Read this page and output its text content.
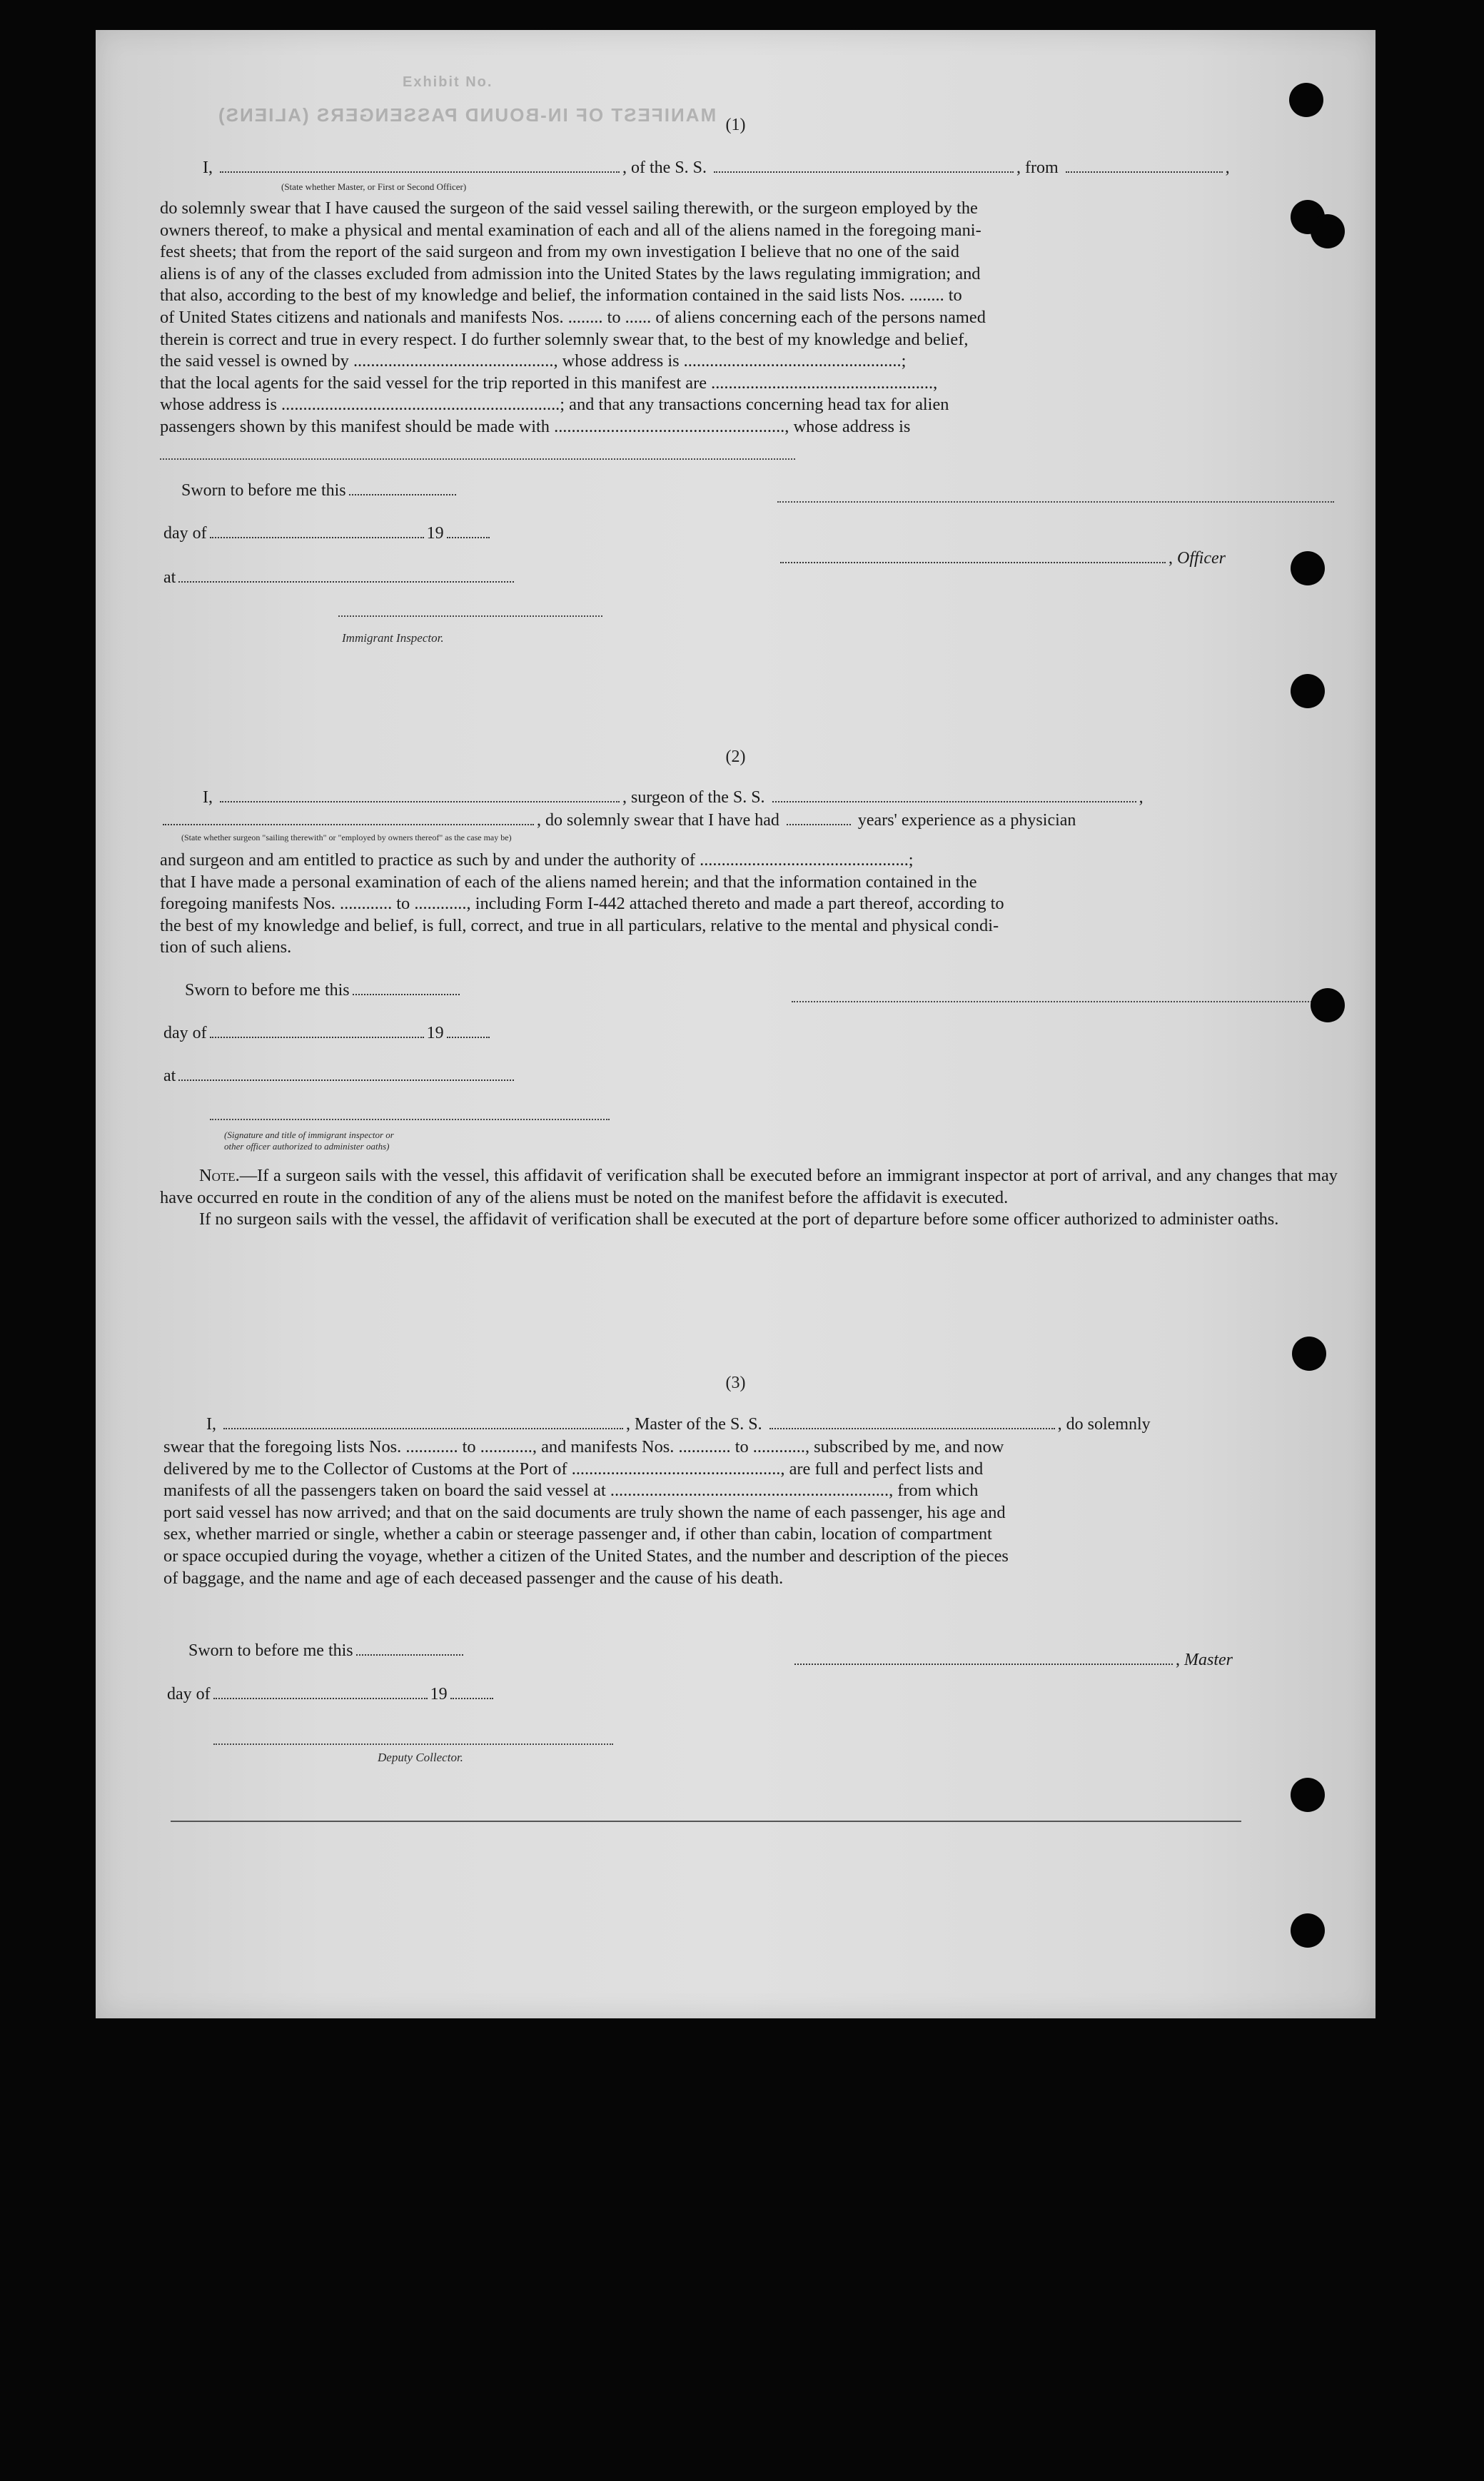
Exhibit No.
MANIFEST OF IN-BOUND PASSENGERS (ALIENS) (1)
I,	, of the S. S.	, from	,
(State whether Master, or First or Second Officer)

do solemnly swear that I have caused the surgeon of the said vessel sailing therewith, or the surgeon employed by the

owners thereof, to make a physical and mental examination of each and all of the aliens named in the foregoing mani-

fest sheets; that from the report of the said surgeon and from my own investigation I believe that no one of the said

aliens is of any of the classes excluded from admission into the United States by the laws regulating immigration; and

that also, according to the best of my knowledge and belief, the information contained in the said lists Nos. ........ to

of United States citizens and nationals and manifests Nos. ........ to ...... of aliens concerning each of the persons named

therein is correct and true in every respect. I do further solemnly swear that, to the best of my knowledge and belief,

the said vessel is owned by .............................................., whose address is ..................................................;

that the local agents for the said vessel for the trip reported in this manifest are ...................................................,

whose address is ................................................................; and that any transactions concerning head tax for alien

passengers shown by this manifest should be made with ....................................................., whose address is

Sworn to before me this
day of	19
, Officer
at
Immigrant Inspector.
(2)
I,	, surgeon of the S. S.	,
, do solemnly swear that I have had	years' experience as a physician
(State whether surgeon "sailing therewith" or "employed by owners thereof" as the case may be)

and surgeon and am entitled to practice as such by and under the authority of ................................................;

that I have made a personal examination of each of the aliens named herein; and that the information contained in the

foregoing manifests Nos. ............ to ............, including Form I-442 attached thereto and made a part thereof, according to

the best of my knowledge and belief, is full, correct, and true in all particulars, relative to the mental and physical condi-

tion of such aliens.

Sworn to before me this
day of	19
at
(Signature and title of immigrant inspector or
other officer authorized to administer oaths)

Note.—If a surgeon sails with the vessel, this affidavit of verification shall be executed before an immigrant inspector at port of arrival, and any changes that may have occurred en route in the condition of any of the aliens must be noted on the manifest before the affidavit is executed.

If no surgeon sails with the vessel, the affidavit of verification shall be executed at the port of departure before some officer authorized to administer oaths.

(3)
I,	, Master of the S. S.	, do solemnly

swear that the foregoing lists Nos. ............ to ............, and manifests Nos. ............ to ............, subscribed by me, and now

delivered by me to the Collector of Customs at the Port of ................................................, are full and perfect lists and

manifests of all the passengers taken on board the said vessel at ................................................................, from which

port said vessel has now arrived; and that on the said documents are truly shown the name of each passenger, his age and

sex, whether married or single, whether a cabin or steerage passenger and, if other than cabin, location of compartment

or space occupied during the voyage, whether a citizen of the United States, and the number and description of the pieces

of baggage, and the name and age of each deceased passenger and the cause of his death.

Sworn to before me this	, Master
day of	19
Deputy Collector.
